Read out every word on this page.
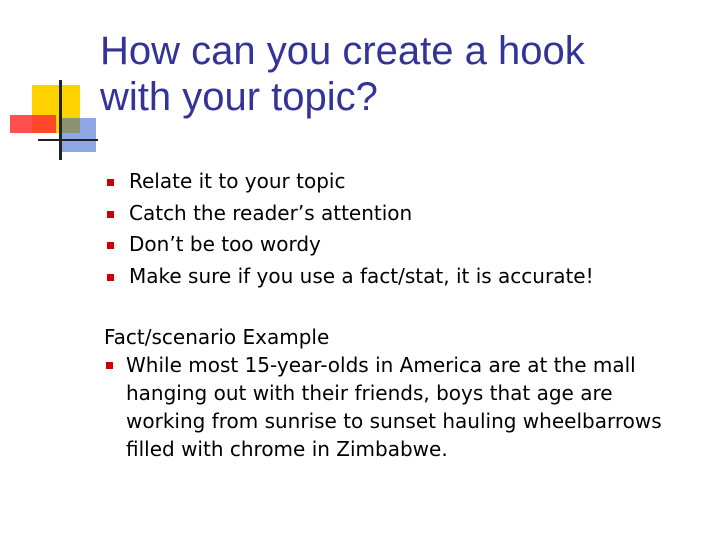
How can you create a hook
with your topic?
Relate it to your topic
Catch the reader’s attention
Don’t be too wordy
Make sure if you use a fact/stat, it is accurate!
Fact/scenario Example
While most 15-year-olds in America are at the mall hanging out with their friends, boys that age are working from sunrise to sunset hauling wheelbarrows filled with chrome in Zimbabwe.
